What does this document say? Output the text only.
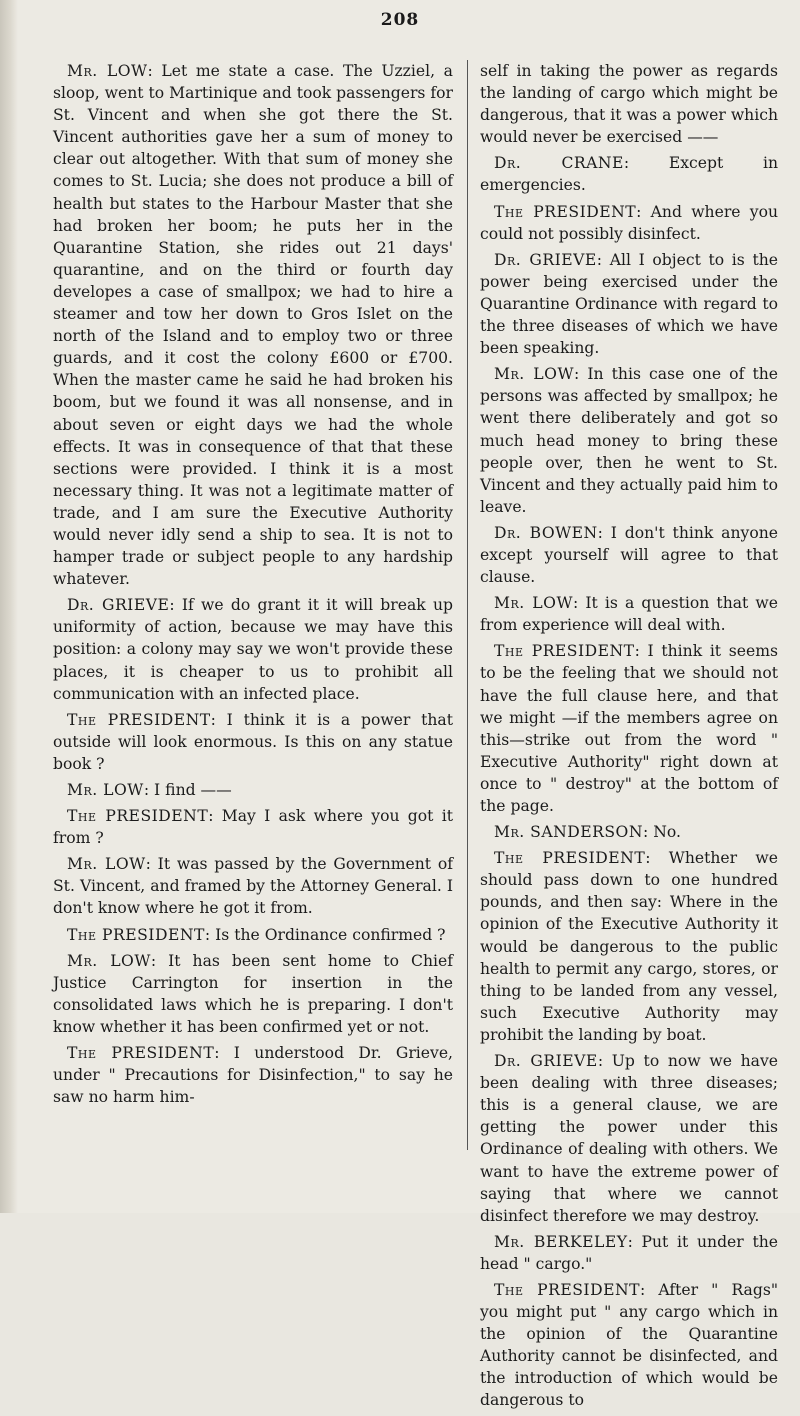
208

Mr. LOW: Let me state a case. The Uzziel, a sloop, went to Martinique and took passengers for St. Vincent and when she got there the St. Vincent authorities gave her a sum of money to clear out altogether. With that sum of money she comes to St. Lucia; she does not produce a bill of health but states to the Harbour Master that she had broken her boom; he puts her in the Quarantine Station, she rides out 21 days' quarantine, and on the third or fourth day developes a case of smallpox; we had to hire a steamer and tow her down to Gros Islet on the north of the Island and to employ two or three guards, and it cost the colony £600 or £700. When the master came he said he had broken his boom, but we found it was all nonsense, and in about seven or eight days we had the whole effects. It was in consequence of that that these sections were provided. I think it is a most necessary thing. It was not a legitimate matter of trade, and I am sure the Executive Authority would never idly send a ship to sea. It is not to hamper trade or subject people to any hardship whatever.

Dr. GRIEVE: If we do grant it it will break up uniformity of action, because we may have this position: a colony may say we won't provide these places, it is cheaper to us to prohibit all communication with an infected place.

The PRESIDENT: I think it is a power that outside will look enormous. Is this on any statue book ?

Mr. LOW: I find ——

The PRESIDENT: May I ask where you got it from ?

Mr. LOW: It was passed by the Government of St. Vincent, and framed by the Attorney General. I don't know where he got it from.

The PRESIDENT: Is the Ordinance confirmed ?

Mr. LOW: It has been sent home to Chief Justice Carrington for insertion in the consolidated laws which he is preparing. I don't know whether it has been confirmed yet or not.

The PRESIDENT: I understood Dr. Grieve, under " Precautions for Disinfection," to say he saw no harm him-

self in taking the power as regards the landing of cargo which might be dangerous, that it was a power which would never be exercised ——

Dr. CRANE: Except in emergencies.

The PRESIDENT: And where you could not possibly disinfect.

Dr. GRIEVE: All I object to is the power being exercised under the Quarantine Ordinance with regard to the three diseases of which we have been speaking.

Mr. LOW: In this case one of the persons was affected by smallpox; he went there deliberately and got so much head money to bring these people over, then he went to St. Vincent and they actually paid him to leave.

Dr. BOWEN: I don't think anyone except yourself will agree to that clause.

Mr. LOW: It is a question that we from experience will deal with.

The PRESIDENT: I think it seems to be the feeling that we should not have the full clause here, and that we might —if the members agree on this—strike out from the word " Executive Authority" right down at once to " destroy" at the bottom of the page.

Mr. SANDERSON: No.

The PRESIDENT: Whether we should pass down to one hundred pounds, and then say: Where in the opinion of the Executive Authority it would be dangerous to the public health to permit any cargo, stores, or thing to be landed from any vessel, such Executive Authority may prohibit the landing by boat.

Dr. GRIEVE: Up to now we have been dealing with three diseases; this is a general clause, we are getting the power under this Ordinance of dealing with others. We want to have the extreme power of saying that where we cannot disinfect therefore we may destroy.

Mr. BERKELEY: Put it under the head " cargo."

The PRESIDENT: After " Rags" you might put " any cargo which in the opinion of the Quarantine Authority cannot be disinfected, and the introduction of which would be dangerous to
